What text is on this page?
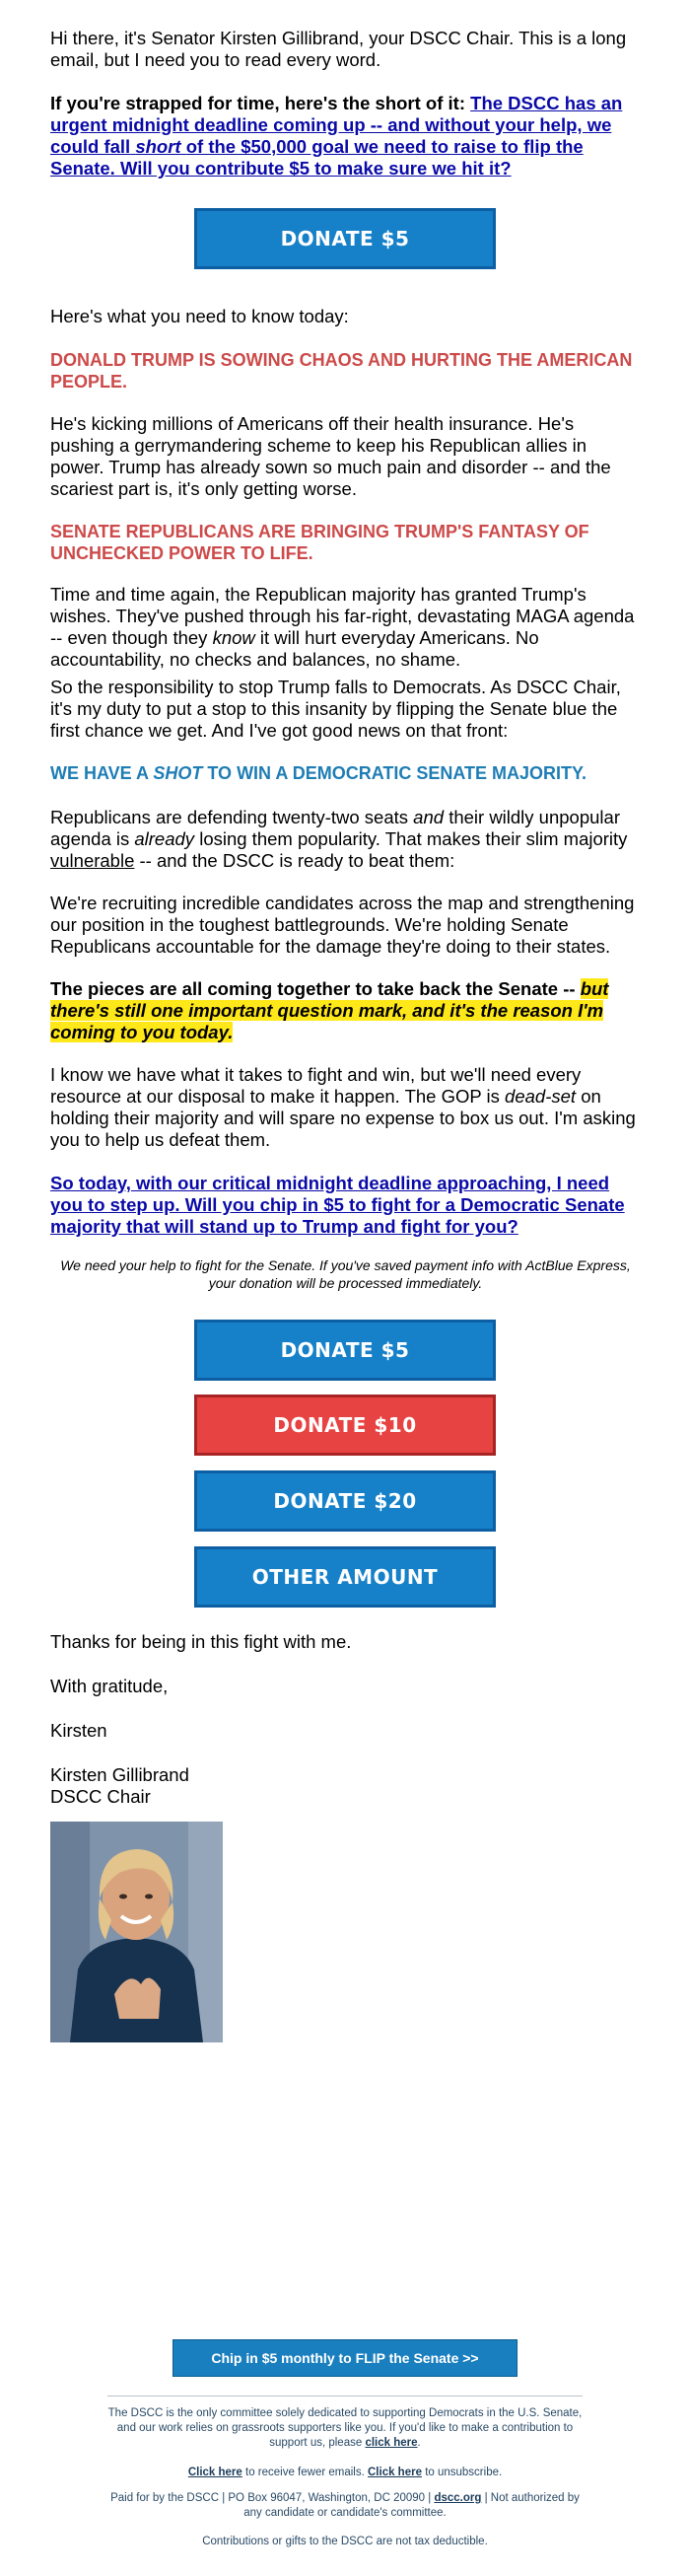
Hi there, it's Senator Kirsten Gillibrand, your DSCC Chair. This is a long email, but I need you to read every word.

If you're strapped for time, here's the short of it: The DSCC has an urgent midnight deadline coming up -- and without your help, we could fall short of the $50,000 goal we need to raise to flip the Senate. Will you contribute $5 to make sure we hit it?

Here's what you need to know today:

DONALD TRUMP IS SOWING CHAOS AND HURTING THE AMERICAN PEOPLE.

He's kicking millions of Americans off their health insurance. He's pushing a gerrymandering scheme to keep his Republican allies in power. Trump has already sown so much pain and disorder -- and the scariest part is, it's only getting worse.

SENATE REPUBLICANS ARE BRINGING TRUMP'S FANTASY OF UNCHECKED POWER TO LIFE.

Time and time again, the Republican majority has granted Trump's wishes. They've pushed through his far-right, devastating MAGA agenda -- even though they know it will hurt everyday Americans. No accountability, no checks and balances, no shame.

So the responsibility to stop Trump falls to Democrats. As DSCC Chair, it's my duty to put a stop to this insanity by flipping the Senate blue the first chance we get. And I've got good news on that front:

WE HAVE A SHOT TO WIN A DEMOCRATIC SENATE MAJORITY.

Republicans are defending twenty-two seats and their wildly unpopular agenda is already losing them popularity. That makes their slim majority vulnerable -- and the DSCC is ready to beat them:

We're recruiting incredible candidates across the map and strengthening our position in the toughest battlegrounds. We're holding Senate Republicans accountable for the damage they're doing to their states.

The pieces are all coming together to take back the Senate -- but there's still one important question mark, and it's the reason I'm coming to you today.

I know we have what it takes to fight and win, but we'll need every resource at our disposal to make it happen. The GOP is dead-set on holding their majority and will spare no expense to box us out. I'm asking you to help us defeat them.

So today, with our critical midnight deadline approaching, I need you to step up. Will you chip in $5 to fight for a Democratic Senate majority that will stand up to Trump and fight for you?

Thanks for being in this fight with me.

With gratitude,

Kirsten

Kirsten Gillibrand

DSCC Chair

DONATE $5

We need your help to fight for the Senate. If you've saved payment info with ActBlue Express, your donation will be processed immediately.

DONATE $5
DONATE $10
DONATE $20
OTHER AMOUNT
Chip in $5 monthly to FLIP the Senate >>

The DSCC is the only committee solely dedicated to supporting Democrats in the U.S. Senate, and our work relies on grassroots supporters like you. If you'd like to make a contribution to support us, please click here.

Click here to receive fewer emails. Click here to unsubscribe.

Paid for by the DSCC | PO Box 96047, Washington, DC 20090 | dscc.org | Not authorized by any candidate or candidate's committee.

Contributions or gifts to the DSCC are not tax deductible.
